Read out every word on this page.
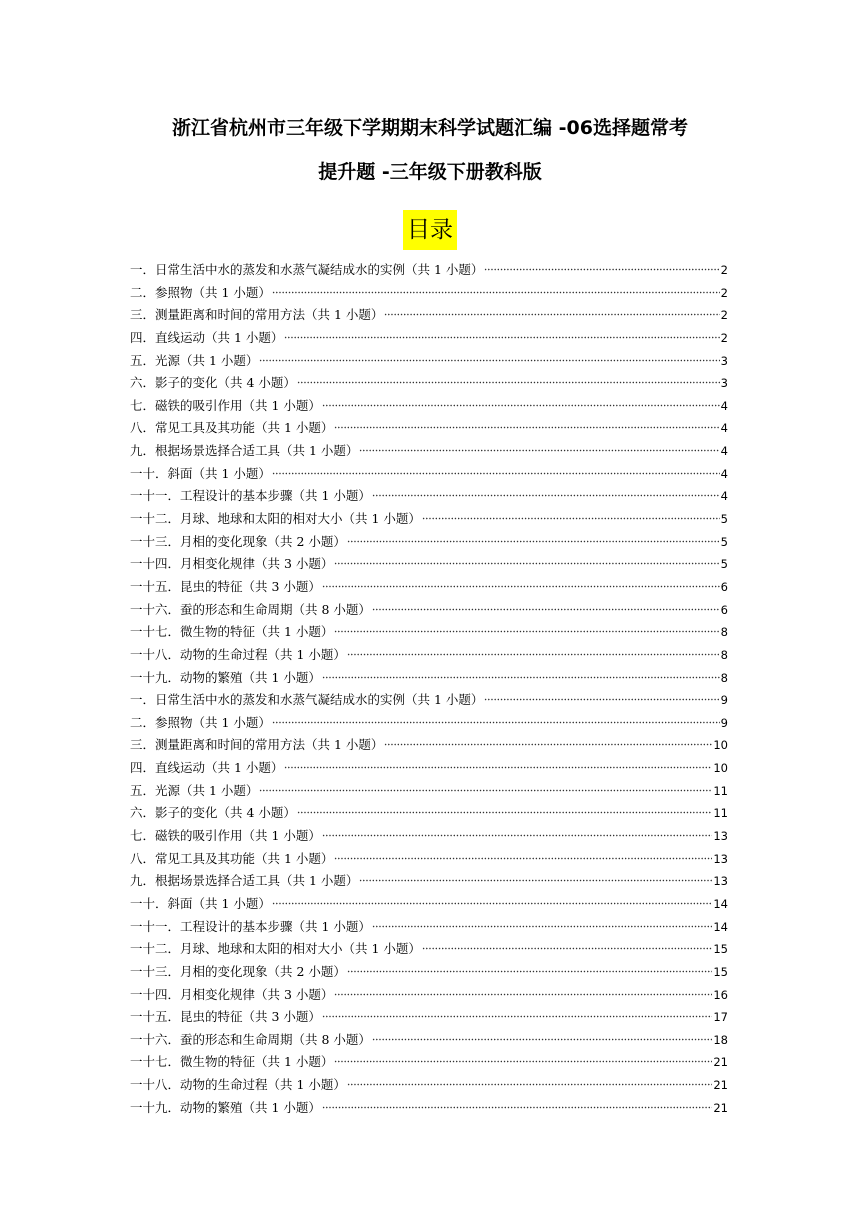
浙江省杭州市三年级下学期期末科学试题汇编 -06选择题常考
提升题 -三年级下册教科版
目录
一．日常生活中水的蒸发和水蒸气凝结成水的实例（共 1 小题）	2
二．参照物（共 1 小题）	2
三．测量距离和时间的常用方法（共 1 小题）	2
四．直线运动（共 1 小题）	2
五．光源（共 1 小题）	3
六．影子的变化（共 4 小题）	3
七．磁铁的吸引作用（共 1 小题）	4
八．常见工具及其功能（共 1 小题）	4
九．根据场景选择合适工具（共 1 小题）	4
一十．斜面（共 1 小题）	4
一十一．工程设计的基本步骤（共 1 小题）	4
一十二．月球、地球和太阳的相对大小（共 1 小题）	5
一十三．月相的变化现象（共 2 小题）	5
一十四．月相变化规律（共 3 小题）	5
一十五．昆虫的特征（共 3 小题）	6
一十六．蚕的形态和生命周期（共 8 小题）	6
一十七．微生物的特征（共 1 小题）	8
一十八．动物的生命过程（共 1 小题）	8
一十九．动物的繁殖（共 1 小题）	8
一．日常生活中水的蒸发和水蒸气凝结成水的实例（共 1 小题）	9
二．参照物（共 1 小题）	9
三．测量距离和时间的常用方法（共 1 小题）	10
四．直线运动（共 1 小题）	10
五．光源（共 1 小题）	11
六．影子的变化（共 4 小题）	11
七．磁铁的吸引作用（共 1 小题）	13
八．常见工具及其功能（共 1 小题）	13
九．根据场景选择合适工具（共 1 小题）	13
一十．斜面（共 1 小题）	14
一十一．工程设计的基本步骤（共 1 小题）	14
一十二．月球、地球和太阳的相对大小（共 1 小题）	15
一十三．月相的变化现象（共 2 小题）	15
一十四．月相变化规律（共 3 小题）	16
一十五．昆虫的特征（共 3 小题）	17
一十六．蚕的形态和生命周期（共 8 小题）	18
一十七．微生物的特征（共 1 小题）	21
一十八．动物的生命过程（共 1 小题）	21
一十九．动物的繁殖（共 1 小题）	21
